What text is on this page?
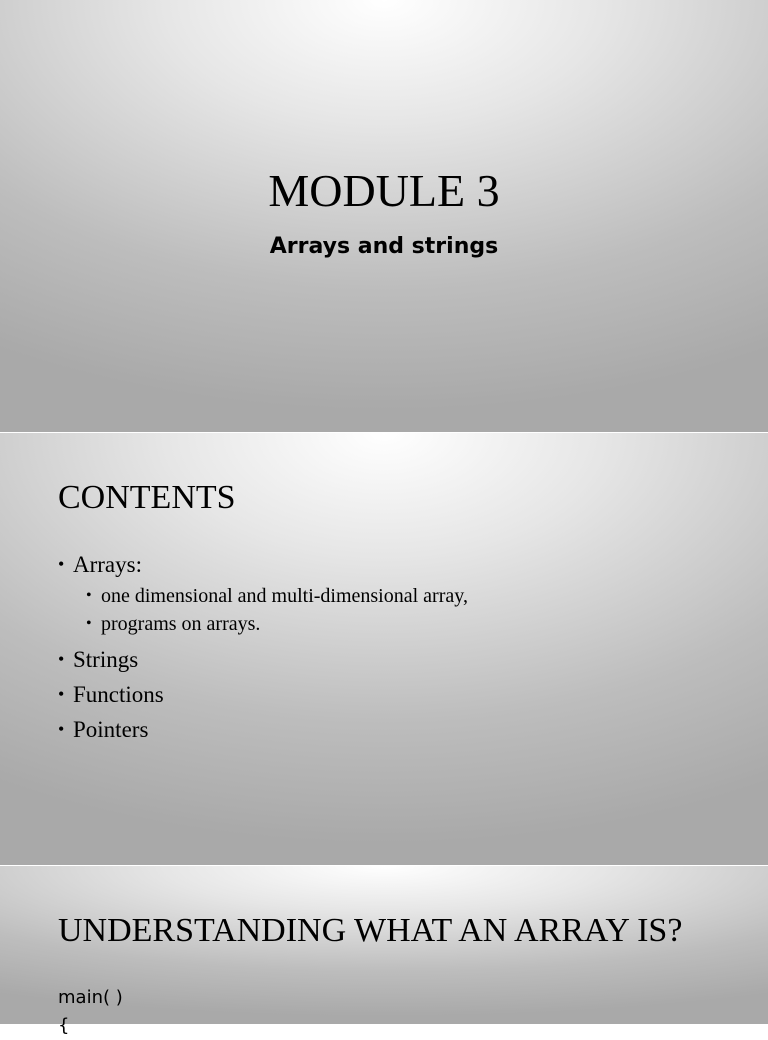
MODULE 3
Arrays and strings
CONTENTS
• Arrays:
• one dimensional and multi-dimensional array,
• programs on arrays.
• Strings
• Functions
• Pointers
UNDERSTANDING WHAT AN ARRAY IS?
main( )
{
